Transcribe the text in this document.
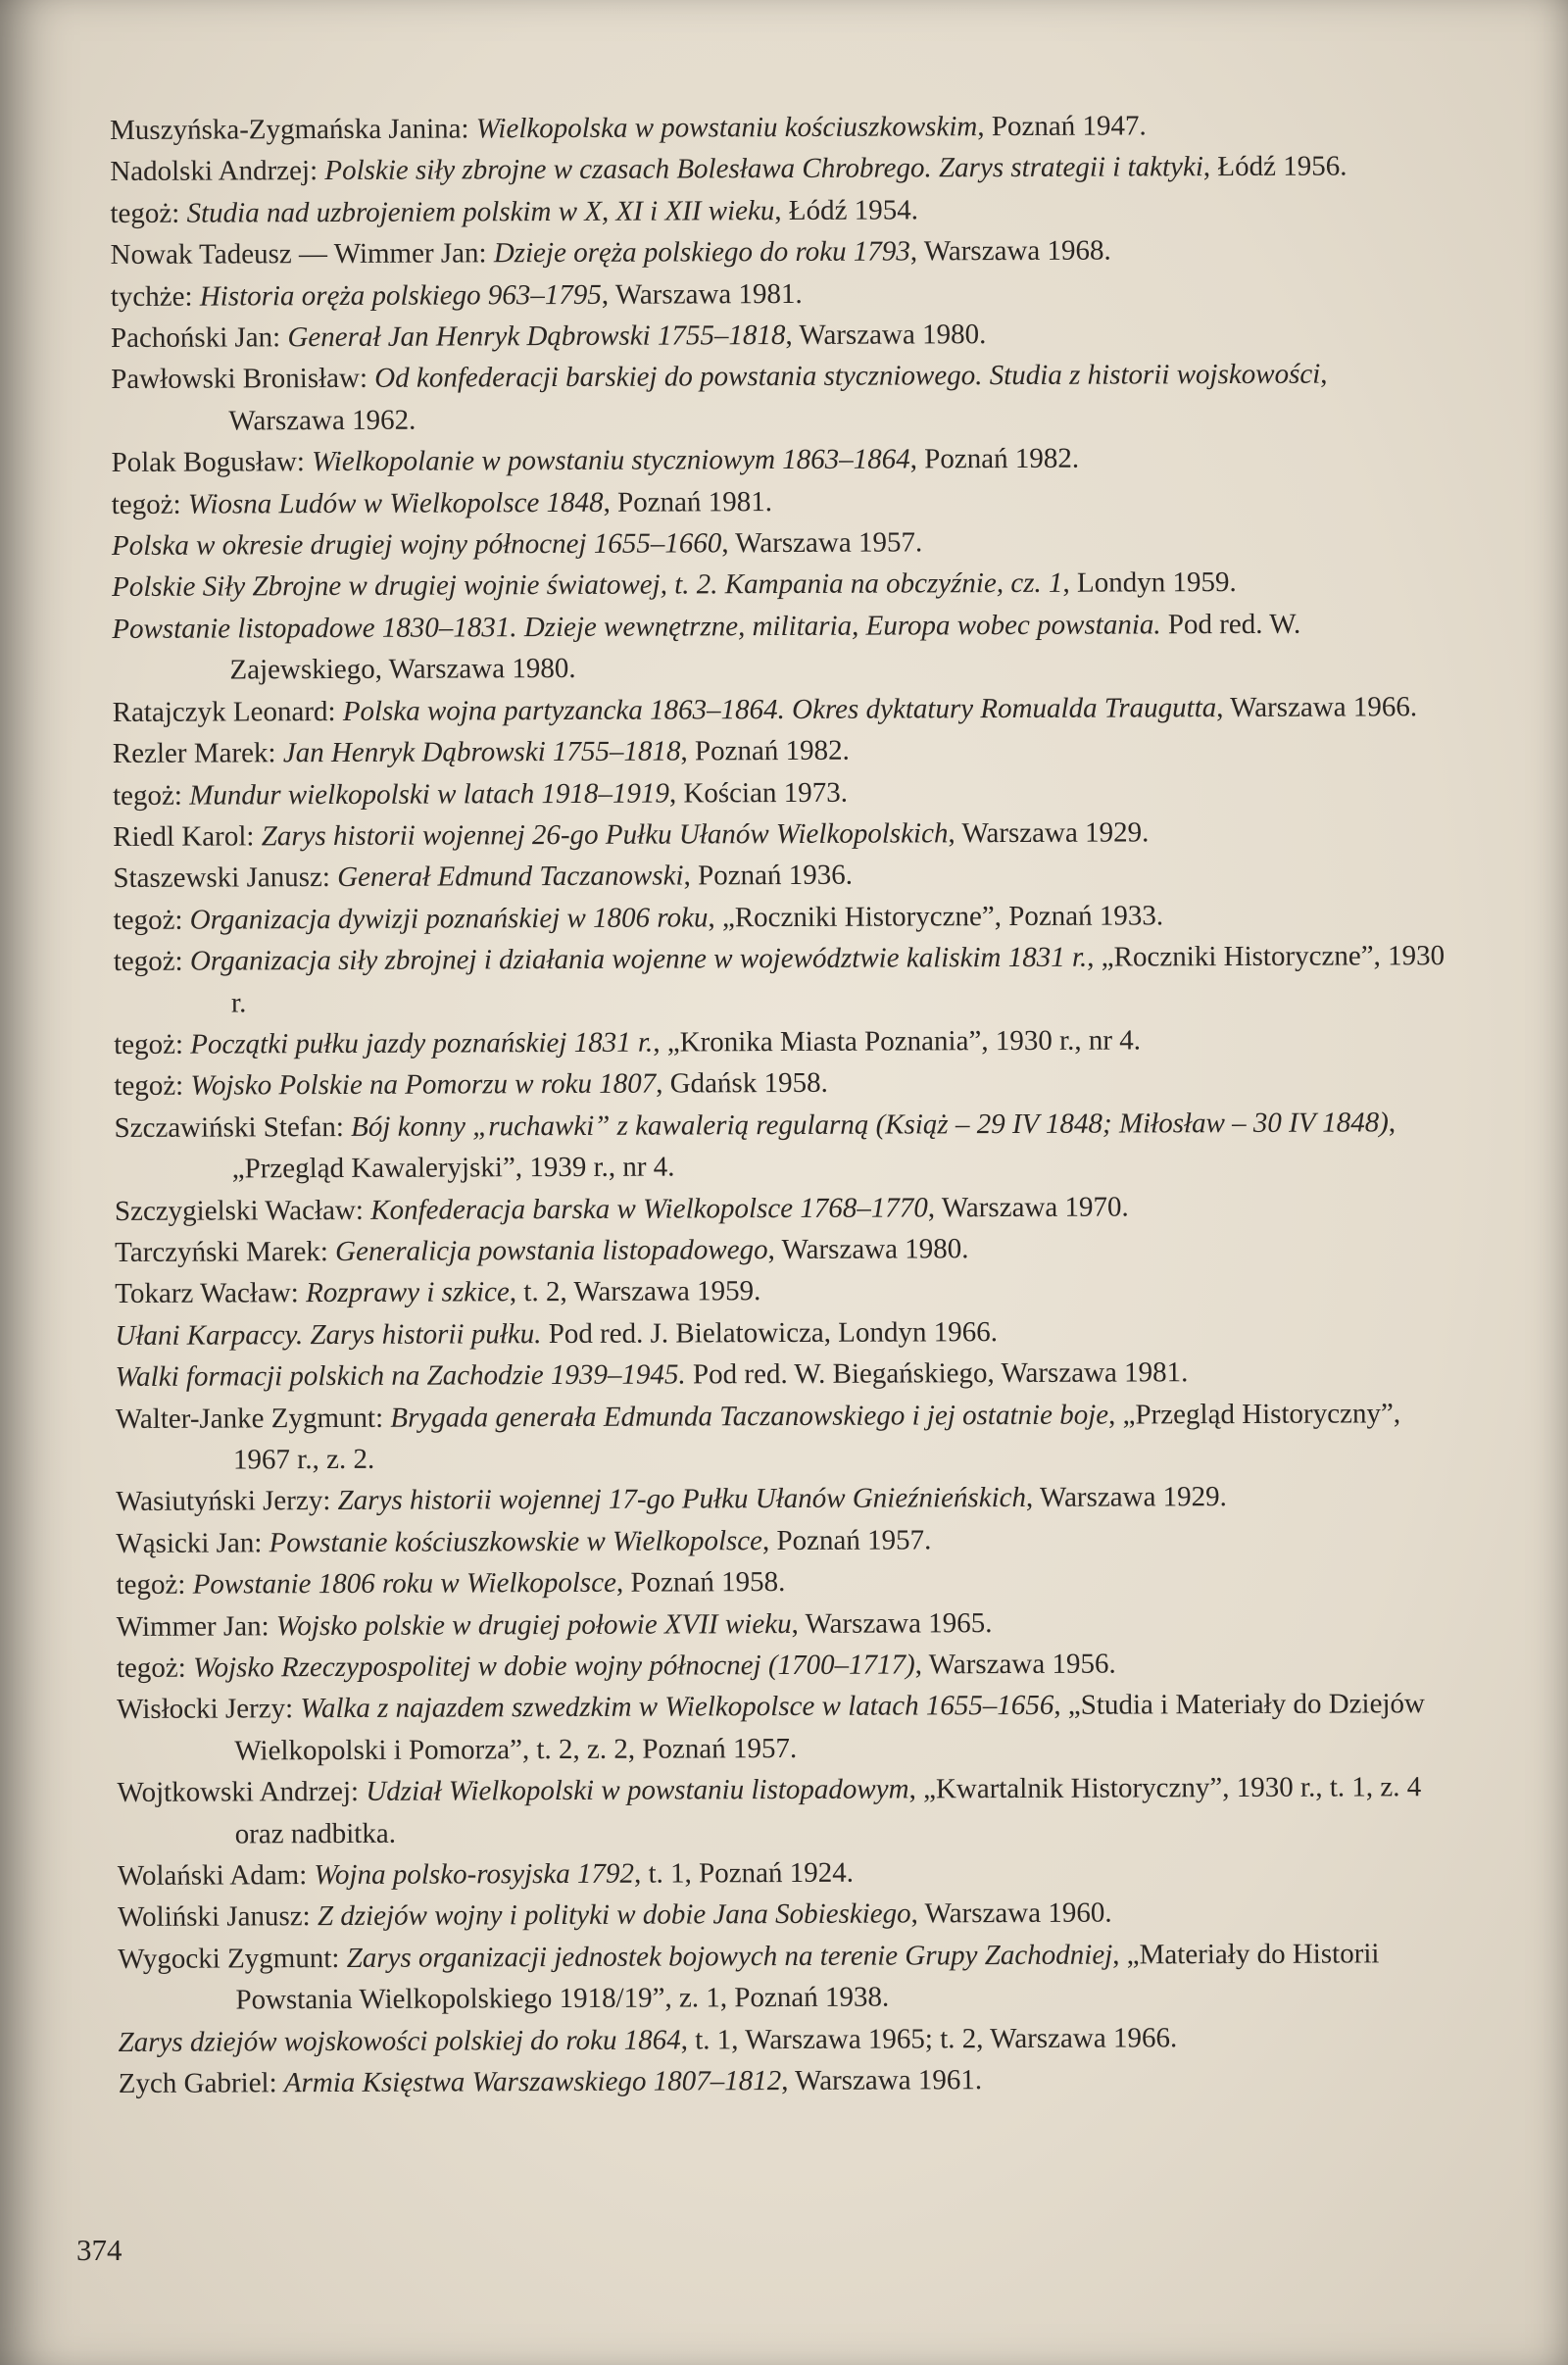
Muszyńska-Zygmańska Janina: Wielkopolska w powstaniu kościuszkowskim, Poznań 1947.

Nadolski Andrzej: Polskie siły zbrojne w czasach Bolesława Chrobrego. Zarys strategii i taktyki, Łódź 1956.

tegoż: Studia nad uzbrojeniem polskim w X, XI i XII wieku, Łódź 1954.

Nowak Tadeusz — Wimmer Jan: Dzieje oręża polskiego do roku 1793, Warszawa 1968.

tychże: Historia oręża polskiego 963–1795, Warszawa 1981.

Pachoński Jan: Generał Jan Henryk Dąbrowski 1755–1818, Warszawa 1980.

Pawłowski Bronisław: Od konfederacji barskiej do powstania styczniowego. Studia z historii wojskowości, Warszawa 1962.

Polak Bogusław: Wielkopolanie w powstaniu styczniowym 1863–1864, Poznań 1982.

tegoż: Wiosna Ludów w Wielkopolsce 1848, Poznań 1981.

Polska w okresie drugiej wojny północnej 1655–1660, Warszawa 1957.

Polskie Siły Zbrojne w drugiej wojnie światowej, t. 2. Kampania na obczyźnie, cz. 1, Londyn 1959.

Powstanie listopadowe 1830–1831. Dzieje wewnętrzne, militaria, Europa wobec powstania. Pod red. W. Zajewskiego, Warszawa 1980.

Ratajczyk Leonard: Polska wojna partyzancka 1863–1864. Okres dyktatury Romualda Traugutta, Warszawa 1966.

Rezler Marek: Jan Henryk Dąbrowski 1755–1818, Poznań 1982.

tegoż: Mundur wielkopolski w latach 1918–1919, Kościan 1973.

Riedl Karol: Zarys historii wojennej 26-go Pułku Ułanów Wielkopolskich, Warszawa 1929.

Staszewski Janusz: Generał Edmund Taczanowski, Poznań 1936.

tegoż: Organizacja dywizji poznańskiej w 1806 roku, „Roczniki Historyczne”, Poznań 1933.

tegoż: Organizacja siły zbrojnej i działania wojenne w województwie kaliskim 1831 r., „Roczniki Historyczne”, 1930 r.

tegoż: Początki pułku jazdy poznańskiej 1831 r., „Kronika Miasta Poznania”, 1930 r., nr 4.

tegoż: Wojsko Polskie na Pomorzu w roku 1807, Gdańsk 1958.

Szczawiński Stefan: Bój konny „ruchawki” z kawalerią regularną (Książ – 29 IV 1848; Miłosław – 30 IV 1848), „Przegląd Kawaleryjski”, 1939 r., nr 4.

Szczygielski Wacław: Konfederacja barska w Wielkopolsce 1768–1770, Warszawa 1970.

Tarczyński Marek: Generalicja powstania listopadowego, Warszawa 1980.

Tokarz Wacław: Rozprawy i szkice, t. 2, Warszawa 1959.

Ułani Karpaccy. Zarys historii pułku. Pod red. J. Bielatowicza, Londyn 1966.

Walki formacji polskich na Zachodzie 1939–1945. Pod red. W. Biegańskiego, Warszawa 1981.

Walter-Janke Zygmunt: Brygada generała Edmunda Taczanowskiego i jej ostatnie boje, „Przegląd Historyczny”, 1967 r., z. 2.

Wasiutyński Jerzy: Zarys historii wojennej 17-go Pułku Ułanów Gnieźnieńskich, Warszawa 1929.

Wąsicki Jan: Powstanie kościuszkowskie w Wielkopolsce, Poznań 1957.

tegoż: Powstanie 1806 roku w Wielkopolsce, Poznań 1958.

Wimmer Jan: Wojsko polskie w drugiej połowie XVII wieku, Warszawa 1965.

tegoż: Wojsko Rzeczypospolitej w dobie wojny północnej (1700–1717), Warszawa 1956.

Wisłocki Jerzy: Walka z najazdem szwedzkim w Wielkopolsce w latach 1655–1656, „Studia i Materiały do Dziejów Wielkopolski i Pomorza”, t. 2, z. 2, Poznań 1957.

Wojtkowski Andrzej: Udział Wielkopolski w powstaniu listopadowym, „Kwartalnik Historyczny”, 1930 r., t. 1, z. 4 oraz nadbitka.

Wolański Adam: Wojna polsko-rosyjska 1792, t. 1, Poznań 1924.

Woliński Janusz: Z dziejów wojny i polityki w dobie Jana Sobieskiego, Warszawa 1960.

Wygocki Zygmunt: Zarys organizacji jednostek bojowych na terenie Grupy Zachodniej, „Materiały do Historii Powstania Wielkopolskiego 1918/19”, z. 1, Poznań 1938.

Zarys dziejów wojskowości polskiej do roku 1864, t. 1, Warszawa 1965; t. 2, Warszawa 1966.

Zych Gabriel: Armia Księstwa Warszawskiego 1807–1812, Warszawa 1961.

374
